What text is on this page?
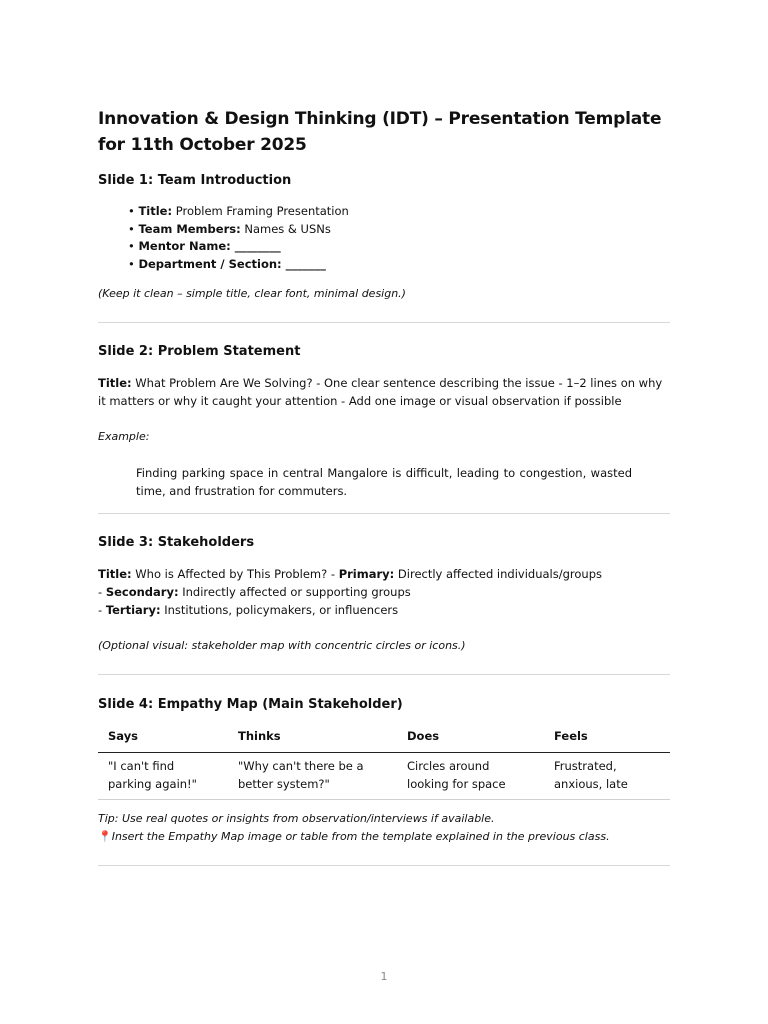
Innovation & Design Thinking (IDT) – Presentation Template for 11th October 2025
Slide 1: Team Introduction
• Title: Problem Framing Presentation
• Team Members: Names & USNs
• Mentor Name: ________
• Department / Section: _______

(Keep it clean – simple title, clear font, minimal design.)

Slide 2: Problem Statement

Title: What Problem Are We Solving? - One clear sentence describing the issue - 1–2 lines on why it matters or why it caught your attention - Add one image or visual observation if possible

Example:

Finding parking space in central Mangalore is difficult, leading to congestion, wasted time, and frustration for commuters.

Slide 3: Stakeholders

Title: Who is Affected by This Problem? - Primary: Directly affected individuals/groups
- Secondary: Indirectly affected or supporting groups
- Tertiary: Institutions, policymakers, or influencers

(Optional visual: stakeholder map with concentric circles or icons.)

Slide 4: Empathy Map (Main Stakeholder)
Says	Thinks	Does	Feels
"I can't find parking again!"	"Why can't there be a better system?"	Circles around looking for space	Frustrated, anxious, late

Tip: Use real quotes or insights from observation/interviews if available.

📍Insert the Empathy Map image or table from the template explained in the previous class.

1
